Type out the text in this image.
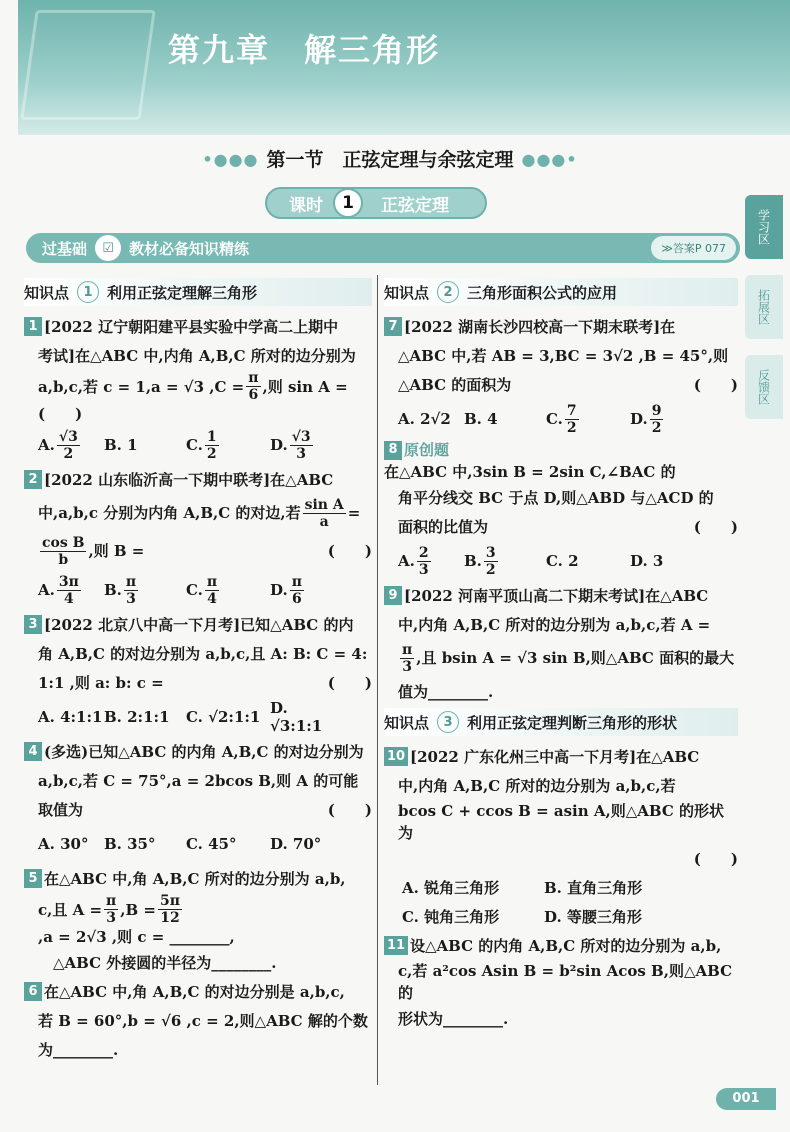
第九章　解三角形
•●●● 第一节　正弦定理与余弦定理 ●●●•
课时	1	正弦定理
过基础	☑	教材必备知识精练	≫答案P 077
学习区
拓展区
反馈区
知识点	1 利用正弦定理解三角形
1 [2022 辽宁朝阳建平县实验中学高二上期中
考试]在△ABC 中,内角 A,B,C 所对的边分别为
a,b,c,若 c = 1,a = √3 $,C = \frac{\pi}{6}$ ,则 sin A =
(　　)
A. $\frac{√3}{2} B$. 1	C. $\frac{1}{2}$	D. $\frac{√3}{3}$
2 [2022 山东临沂高一下期中联考]在△ABC
中,a,b,c 分别为内角 A,B,C 的对边,若 $\frac{\text{sin A}}{a}$ =
$\frac{\text{cos B}}{b}$ ,则 B =	(　　)
A. $\frac{3\pi}{4} B$. $\frac{\pi}{3}$	C. $\frac{\pi}{4}$	D. $\frac{\pi}{6}$
3 [2022 北京八中高一下月考]已知△ABC 的内
角 A,B,C 的对边分别为 a,b,c,且 A: B: C = 4:
1:1 ,则 a: b: c =	(　　)
A. 4:1:1 B. 2:1:1 C. √2:1:1 D. √3:1:1
4 (多选)已知△ABC 的内角 A,B,C 的对边分别为
a,b,c,若 C = 75°,a = 2bcos B,则 A 的可能
取值为	(　　)
A. 30° B. 35° C. 45° D. 70°
5 在△ABC 中,角 A,B,C 所对的边分别为 a,b,
c,且 $A = \frac{\pi}{3} ,B = \frac{5\pi}{12}$
,a = 2√3 ,则 c = ________,
　△ABC 外接圆的半径为________.
6 在△ABC 中,角 A,B,C 的对边分别是 a,b,c,
若 B = 60°,b = √6 ,c = 2,则△ABC 解的个数
为________.
知识点	2 三角形面积公式的应用
7 [2022 湖南长沙四校高一下期末联考]在
△ABC 中,若 AB = 3,BC = 3√2 ,B = 45°,则
△ABC 的面积为	(　　)
A. 2√2 B. 4	C. $\frac{7}{2}$	D. $\frac{9}{2}$
8 原创题
在△ABC 中,3sin B = 2sin C,∠BAC 的
角平分线交 BC 于点 D,则△ABD 与△ACD 的
面积的比值为	(　　)
A. $\frac{2}{3} B$. $\frac{3}{2}$	C. 2	D. 3
9 [2022 河南平顶山高二下期末考试]在△ABC
中,内角 A,B,C 所对的边分别为 a,b,c,若 A =
$\frac{\pi}{3}$ ,且 bsin A = √3 sin B,则△ABC 面积的最大
值为________.
知识点	3 利用正弦定理判断三角形的形状
10 [2022 广东化州三中高一下月考]在△ABC
中,内角 A,B,C 所对的边分别为 a,b,c,若
bcos C + ccos B = asin A,则△ABC 的形状为
(　　)
A. 锐角三角形	B. 直角三角形
C. 钝角三角形	D. 等腰三角形
11 设△ABC 的内角 A,B,C 所对的边分别为 a,b,
c,若 a²cos Asin B = b²sin Acos B,则△ABC 的
形状为________.
001
